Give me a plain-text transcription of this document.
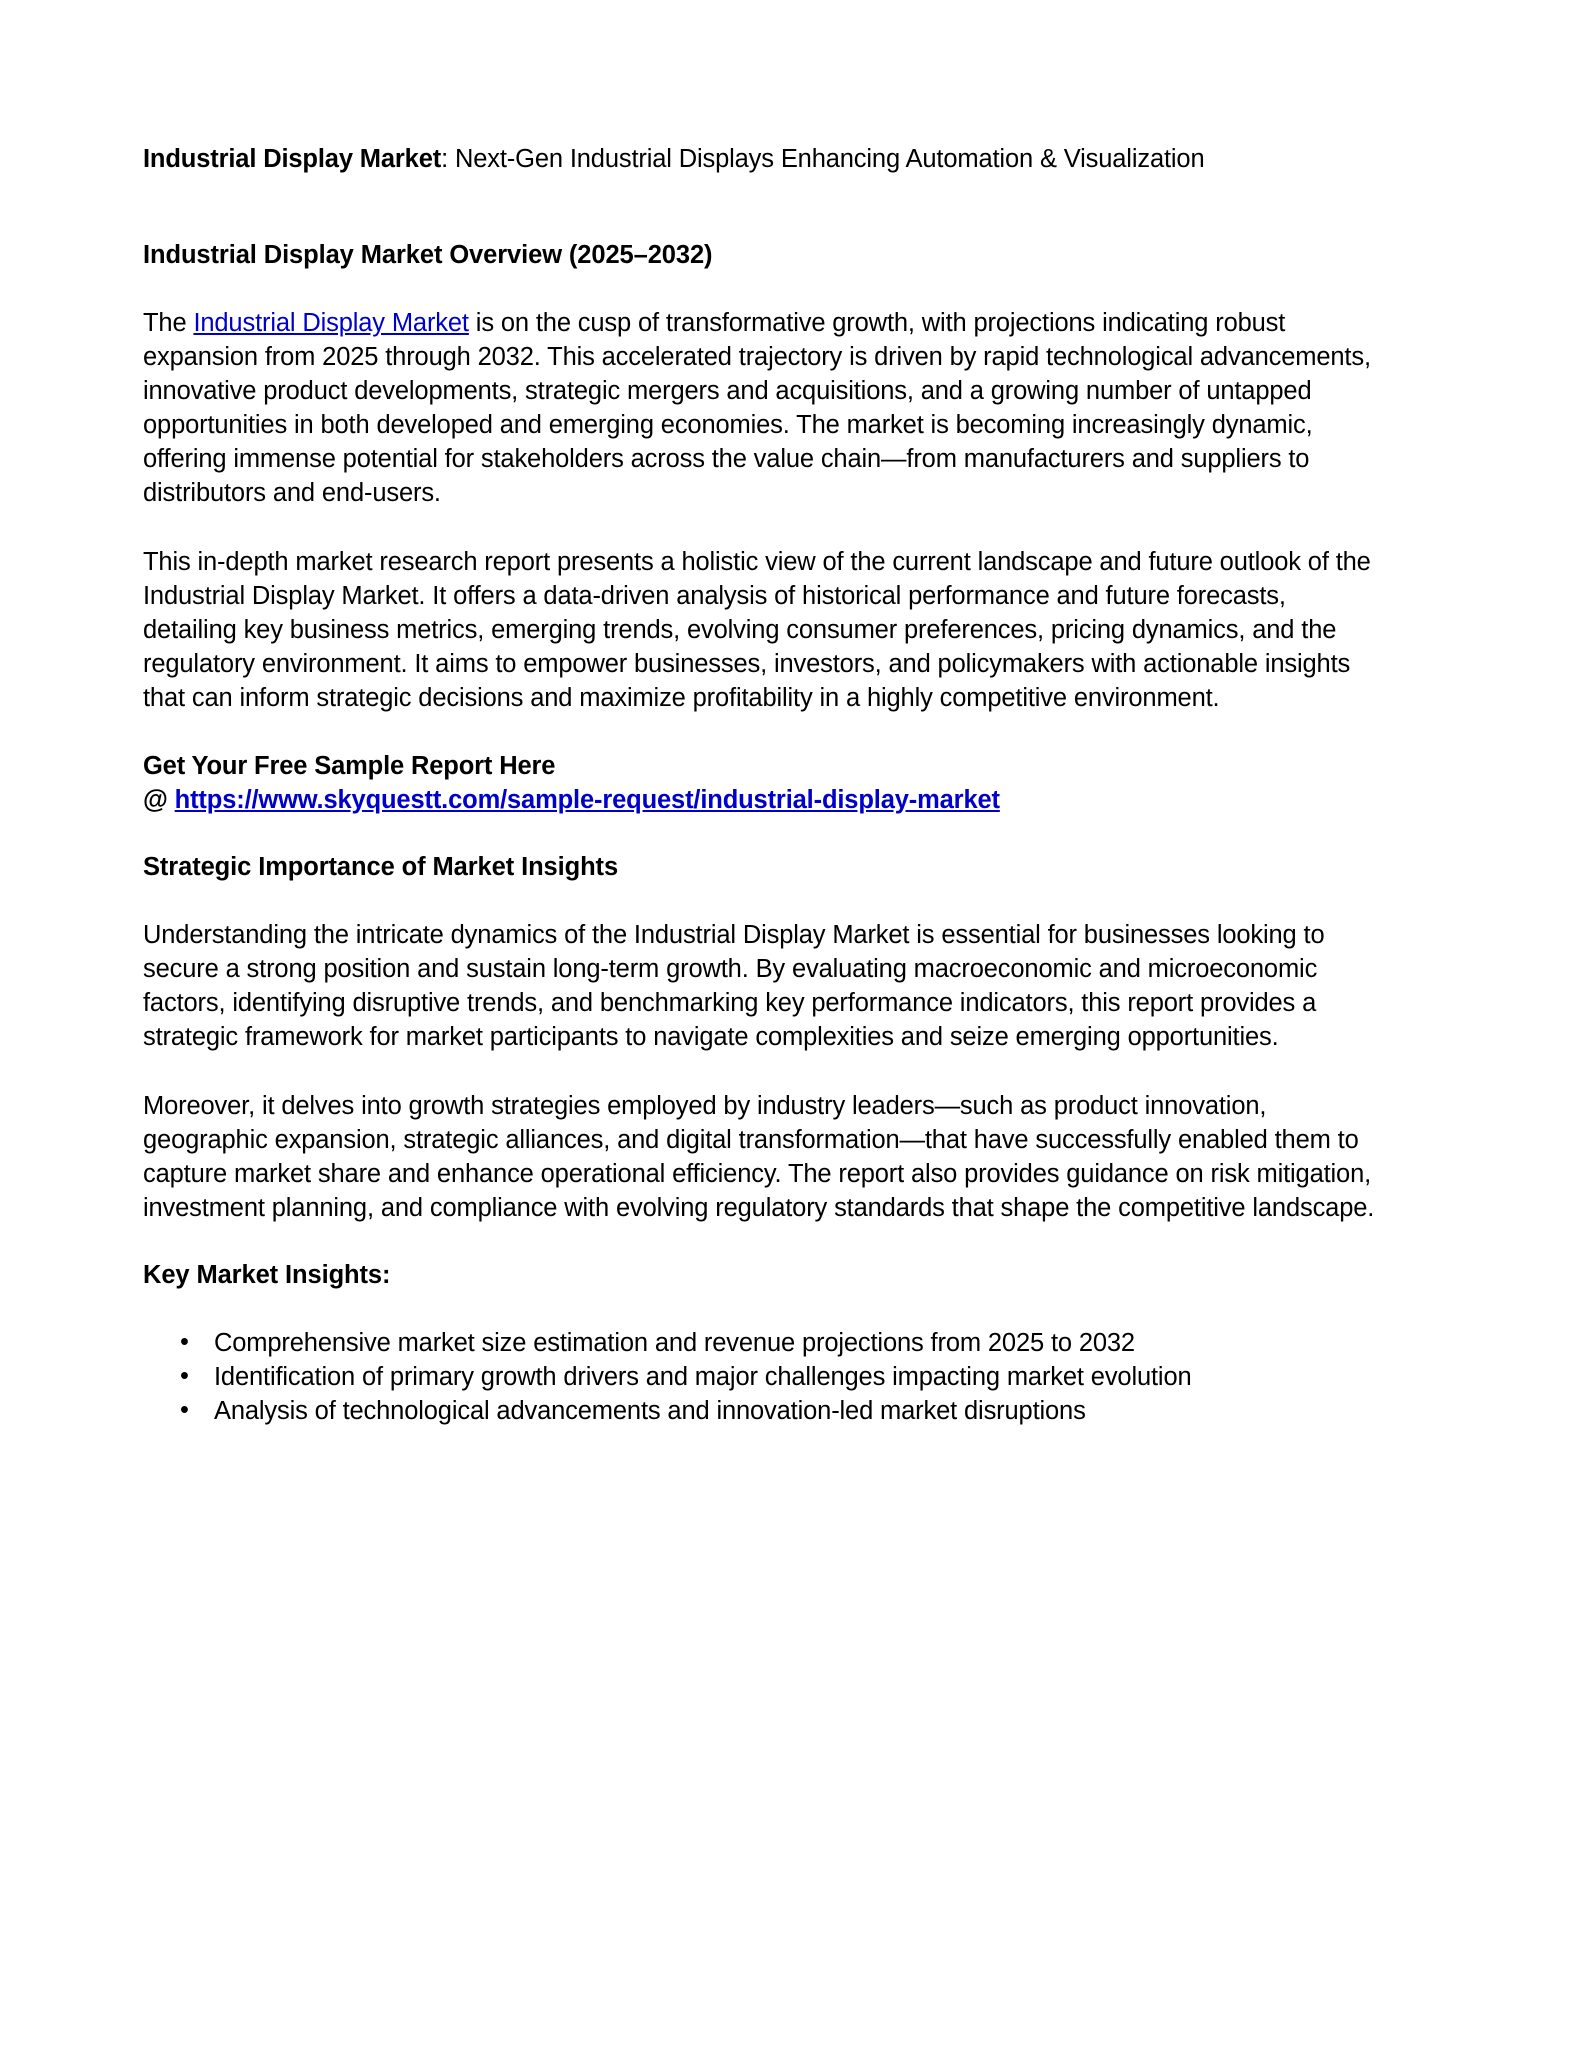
Industrial Display Market: Next-Gen Industrial Displays Enhancing Automation & Visualization

Industrial Display Market Overview (2025–2032)

The Industrial Display Market is on the cusp of transformative growth, with projections indicating robust expansion from 2025 through 2032. This accelerated trajectory is driven by rapid technological advancements, innovative product developments, strategic mergers and acquisitions, and a growing number of untapped opportunities in both developed and emerging economies. The market is becoming increasingly dynamic, offering immense potential for stakeholders across the value chain—from manufacturers and suppliers to distributors and end-users.

This in-depth market research report presents a holistic view of the current landscape and future outlook of the Industrial Display Market. It offers a data-driven analysis of historical performance and future forecasts, detailing key business metrics, emerging trends, evolving consumer preferences, pricing dynamics, and the regulatory environment. It aims to empower businesses, investors, and policymakers with actionable insights that can inform strategic decisions and maximize profitability in a highly competitive environment.

Get Your Free Sample Report Here

@ https://www.skyquestt.com/sample-request/industrial-display-market

Strategic Importance of Market Insights

Understanding the intricate dynamics of the Industrial Display Market is essential for businesses looking to secure a strong position and sustain long-term growth. By evaluating macroeconomic and microeconomic factors, identifying disruptive trends, and benchmarking key performance indicators, this report provides a strategic framework for market participants to navigate complexities and seize emerging opportunities.

Moreover, it delves into growth strategies employed by industry leaders—such as product innovation, geographic expansion, strategic alliances, and digital transformation—that have successfully enabled them to capture market share and enhance operational efficiency. The report also provides guidance on risk mitigation, investment planning, and compliance with evolving regulatory standards that shape the competitive landscape.

Key Market Insights:
• Comprehensive market size estimation and revenue projections from 2025 to 2032
• Identification of primary growth drivers and major challenges impacting market evolution
• Analysis of technological advancements and innovation-led market disruptions
